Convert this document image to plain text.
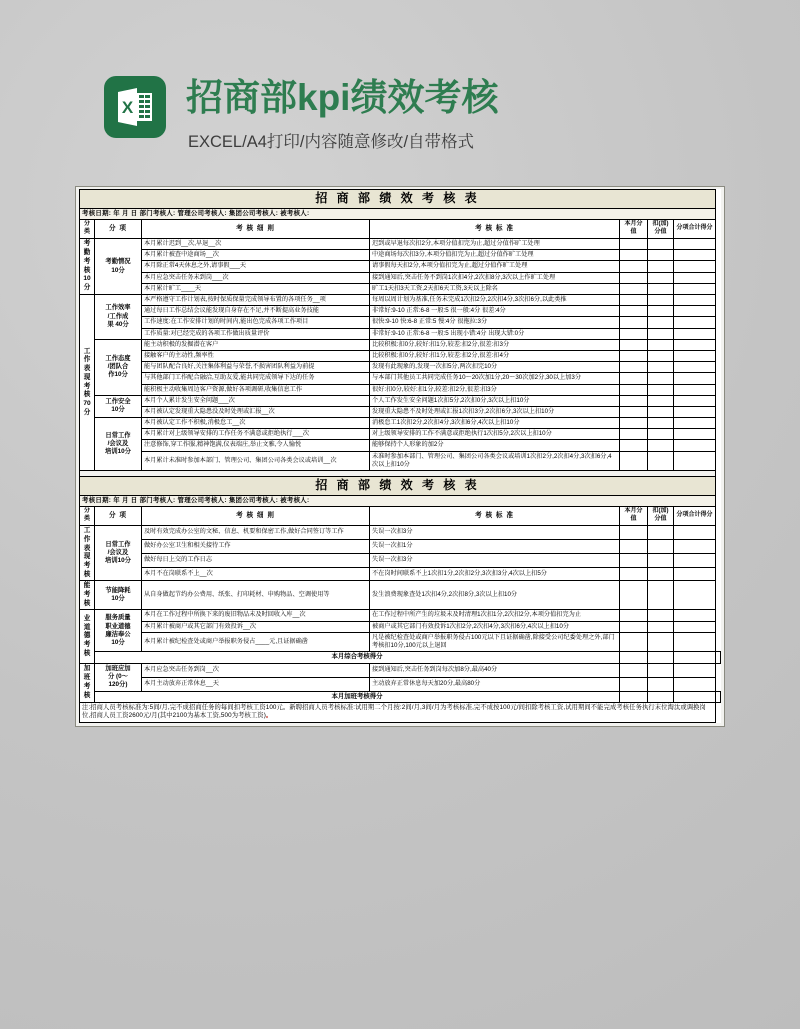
X 招商部kpi绩效考核
EXCEL/A4打印/内容随意修改/自带格式
招 商 部 绩 效 考 核 表							
考核日期: 年 月 日 部门考核人: 管理公司考核人: 集团公司考核人: 被考核人:							
分 类	分 项	考 核 细 则	考 核 标 准	本月分值	扣(加)分值	分项合计得分	

考
勤
考
核
10
分

考勤情况
10分
	本月累计迟到__次,早退__次	迟到或早退每次扣2分,本项分值扣完为止,超过分值作旷工处理			
		本月累计被查中途商场__次	中途商场每次扣3分,本项分值扣完为止,超过分值作旷工处理				
		本月除正常4天休息之外,请事假___天	请事假每天扣2分,本项分值扣完为止,超过分值作旷工处理				
		本月应急突击任务未到岗___次	接到通知后,突击任务不到岗1次扣4分,2次扣8分,3次以上作旷工处理				
		本月累计旷工____天	旷工1天扣3天工资,2天扣6天工资,3天以上除名				

工
作
表
现
考
核
70
分

工作效率
/工作成
果 40分
	本严格遵守工作计划表,按时保质保量完成领导布置的各项任务__项	每周以周计划为基准,任务未完成1次扣2分,2次扣4分,3次扣6分,以此类推			
		通过每日工作总结会议能发现自身存在不足,并不断提高业务技能	非常好:9-10 正常:6-8 一般:5 很一般:4分 很差:4分				
		工作速度:在工作安排计划的时间内,能出色完成各项工作项目	很快:9-10 快:6-8 正常:5 慢:4分 很拖拉:3分				
		工作质量:对已经完成的各项工作做出质量评价	非常好:9-10 正常:6-8 一般:5 出现小错:4分 出现大错:0分				

	工作态度
/团队合
作10分	能主动积极的发掘潜在客户	比较积极:扣0分,较好:扣1分,较差:扣2分,很差:扣3分				
		接触客户的主动性,频率性	比较积极:扣0分,较好:扣1分,较差:扣2分,很差:扣4分				
		能与团队配合良好,关注集体利益与荣誉,不损害团队利益为前提	发现有此现象的,发现一次扣5分,两次扣完10分				
		与其他部门工作配合融洽,互助友爱,能共同完成领导下达的任务	与本部门其他员工共同完成任务10～20次加1分,20～30次加2分,30以上加3分				
		能积极主动收集周边客户资源,做好各项调研,收集信息工作	很好:扣0分,较好:扣1分,较差:扣2分,很差:扣3分				

	工作安全
10分	本月个人累计发生安全问题___次	个人工作发生安全问题1次扣5分,2次扣0分,3次以上扣10分				
		本月被认定发现重大隐患没及时处理或汇报__次	发现重大隐患不及时处理或汇报1次扣3分,2次扣6分,3次以上扣10分				

	日常工作
/会议及
培训10分	本月被认定工作不积极,消极怠工__次	消极怠工1次扣2分,2次扣4分,3次扣6分,4次以上扣10分				
		本月累计对上级领导安排的工作任务不满意或拒绝执行___次	对上级领导安排的工作不满意或拒绝执行1次扣5分,2次以上扣10分				
		注意修饰,穿工作服,精神饱满,仪表端庄,举止文雅,令人愉悦	能够保持个人形象的加2分				
		本月累计未准时参加本部门、管理公司、集团公司各类会议或培训__次	未准时参加本部门、管理公司、集团公司各类会议或培训1次扣2分,2次扣4分,3次扣6分,4次以上扣10分				

招 商 部 绩 效 考 核 表							
考核日期: 年 月 日 部门考核人: 管理公司考核人: 集团公司考核人: 被考核人:							
分 类	分 项	考 核 细 则	考 核 标 准	本月分值	扣(加)分值	分项合计得分	

工
作
表
现
考
核

日常工作
/会议及
培训10分
	及时有效完成办公室的文秘、信息、机要和保密工作,做好合同签订等工作	失误一次扣3分			
		做好办公室卫生和相关接待工作	失误一次扣1分				
		做好每日上交的工作日志	失误一次扣3分				
		本月不在岗联系不上__次	不在岗时间联系不上1次扣1分,2次扣2分,3次扣3分,4次以上扣5分				

能
考
核

节能降耗
10分
	从自身做起节约办公费用、纸张、打印耗材、申购物品、空调使用等	发生浪费现象查处1次扣4分,2次扣8分,3次以上扣10分			

业
道
德
考
核

服务质量
职业道德
廉洁奉公
10分
	本月在工作过程中所换下来的废旧物品未及时回收入库__次	在工作过程中所产生的垃圾未及时清理1次扣1分,2次扣2分,本项分值扣完为止			
		本月累计被商户或其它部门有效投诉__次	被商户或其它部门有效投诉1次扣2分,2次扣4分,3次扣6分,4次以上扣10分				
		本月累计被纪检查处或商户举报职务侵占____元,且证据确凿	凡是被纪检查处或商户举报职务侵占100元以下且证据确凿,除接受公司纪委处理之外,部门考核扣10分,100元以上退回				
	本月综合考核得分						

加
班
考
核

加班应加
分 (0～
120分)
	本月应急突击任务到岗__次	接到通知后,突击任务到岗每次加8分,最高40分			
		本月主动放弃正常休息__天	主动放弃正常休息每天加20分,最高80分				
	本月加班考核得分						
注:招商人员考核标准为:5间/月,完不成招商任务的每间扣考核工资100元。新聘招商人员考核标准:试用期二个月按:2间/月,3间/月为考核标准,完不成按100元/间扣除考核工资,试用期间不能完成考核任务执行末位淘汰或调换岗位,招商人员工资2600元/月(其中2100为基本工资,500为考核工资)。							
